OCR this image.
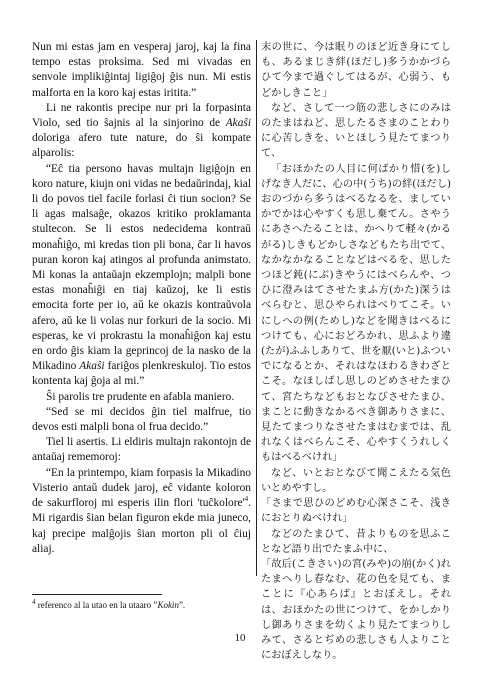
Nun mi estas jam en vesperaj jaroj, kaj la fina tempo estas proksima. Sed mi vivadas en senvole implikiĝintaj ligiĝoj ĝis nun. Mi estis malforta en la koro kaj estas iritita.”

Li ne rakontis precipe nur pri la forpasinta Violo, sed tio ŝajnis al la sinjorino de Akaŝi doloriga afero tute nature, do ŝi kompate alparolis:

“Eĉ tia persono havas multajn ligiĝojn en koro nature, kiujn oni vidas ne bedaŭrindaj, kial li do povos tiel facile forlasi ĉi tiun socion? Se li agas malsaĝe, okazos kritiko proklamanta stultecon. Se li estos nedecidema kontraŭ monaĥiĝo, mi kredas tion pli bona, ĉar li havos puran koron kaj atingos al profunda animstato. Mi konas la antaŭajn ekzemplojn; malpli bone estas monaĥiĝi en tiaj kaŭzoj, ke li estis emocita forte per io, aŭ ke okazis kontraŭvola afero, aŭ ke li volas nur forkuri de la socio. Mi esperas, ke vi prokrastu la monaĥiĝon kaj estu en ordo ĝis kiam la geprincoj de la nasko de la Mikadino Akaŝi fariĝos plenkreskuloj. Tio estos kontenta kaj ĝoja al mi.”

Ŝi parolis tre prudente en afabla maniero.

“Sed se mi decidos ĝin tiel malfrue, tio devos esti malpli bona ol frua decido.”

Tiel li asertis. Li eldiris multajn rakontojn de antaŭaj rememoroj:

“En la printempo, kiam forpasis la Mikadino Visterio antaŭ dudek jaroj, eĉ vidante koloron de sakurfloroj mi esperis ilin flori '$tuĉkolore'^4$. Mi rigardis ŝian belan figuron ekde mia juneco, kaj precipe malĝojis ŝian morton pli ol ĉiuj aliaj.

末の世に、今は眠りのほど近き身にてしも、あるまじき絆(ほだし)多うかかづらひて今まで過ぐしてはるが、心弱う、もどかしきこと」

など、さして一つ筋の悲しさにのみはのたまはねど、思したるさまのことわりに心苦しきを、いとほしう見たてまつりて、

「おほかたの人目に何ばかり惜(を)しげなき人だに、心の中(うち)の絆(ほだし)おのづから多うはべるなるを、ましていかでかは心やすくも思し棄てん。さやうにあさへたることは、かへりて軽々(かるがる)しきもどかしさなどもたち出でて、なかなかなることなどはべるを、思したつほど鈍(にぶ)きやうにはべらんや、つひに澄みはてさせたまふ方(かた)深うはべらむと、思ひやられはべりてこそ。いにしへの例(ためし)などを聞きはべるにつけても、心におどろかれ、思ふより違(たが)ふふしありて、世を厭(いと)ふついでになるとか、それはなほわるきわざとこそ。なほしばし思しのどめさせたまひて、宮たちなどもおとなびさせたまひ、まことに動きなかるべき御ありさまに、見たてまつりなさせたまはむまでは、乱れなくはべらんこそ、心やすくうれしくもはべるべけれ」

など、いとおとなびて聞こえたる気色いとめやすし。

「さまで思ひのどめむ心深さこそ、浅きにおとりぬべけれ」

などのたまひて、昔よりものを思ふことなど語り出でたまふ中に、

「故后(こきさい)の宮(みや)の崩(かく)れたまへりし春なむ、花の色を見ても、まことに『心あらば』とおぼえし。それは、おほかたの世につけて、をかしかりし御ありさまを幼くより見たてまつりしみて、さるとぢめの悲しさも人よりことにおぼえしなり。

$^4$ referenco al la utao en la utaaro ”Kokin”.
10
